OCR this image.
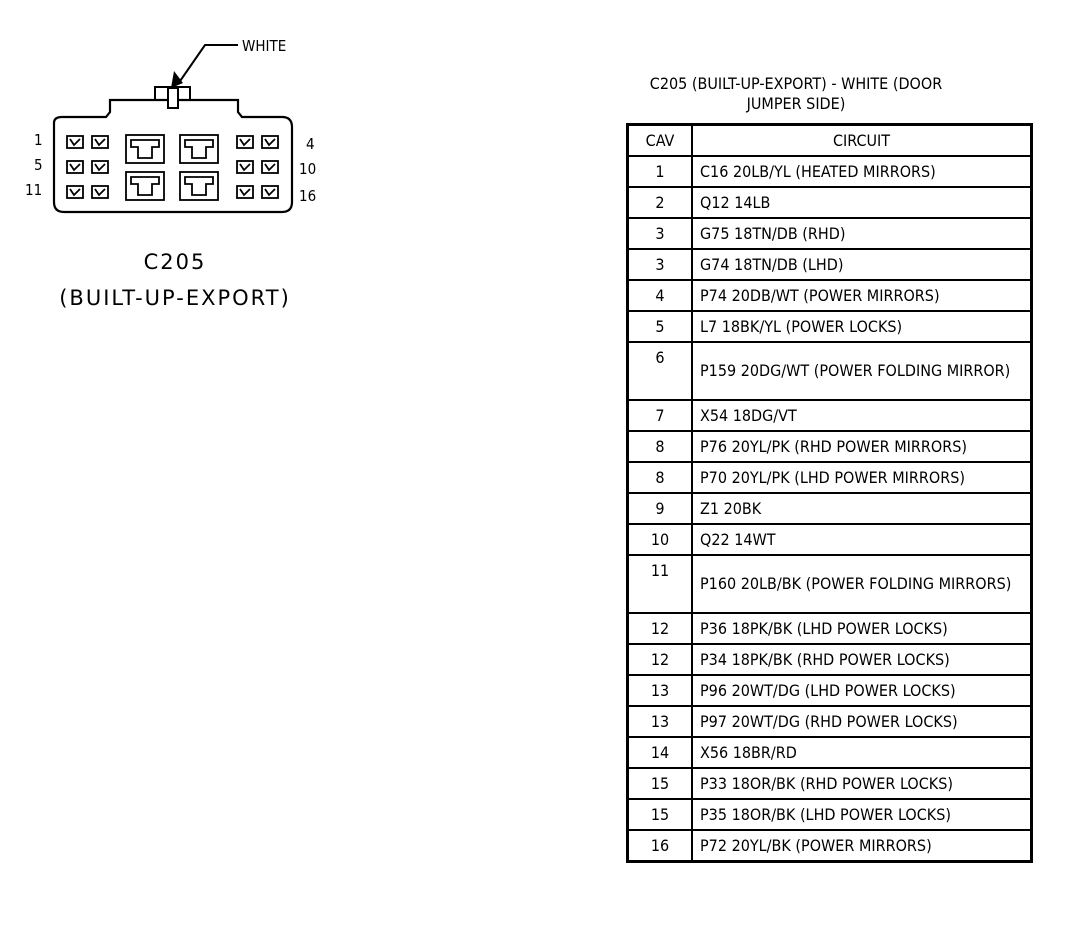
WHITE
1
5
11
4
10
16
C205
(BUILT-UP-EXPORT)
C205 (BUILT-UP-EXPORT) - WHITE (DOOR
JUMPER SIDE)
CAV	CIRCUIT
1	C16 20LB/YL (HEATED MIRRORS)
2	Q12 14LB
3	G75 18TN/DB (RHD)
3	G74 18TN/DB (LHD)
4	P74 20DB/WT (POWER MIRRORS)
5	L7 18BK/YL (POWER LOCKS)
6	P159 20DG/WT (POWER FOLDING MIRROR)
7	X54 18DG/VT
8	P76 20YL/PK (RHD POWER MIRRORS)
8	P70 20YL/PK (LHD POWER MIRRORS)
9	Z1 20BK
10	Q22 14WT
11	P160 20LB/BK (POWER FOLDING MIRRORS)
12	P36 18PK/BK (LHD POWER LOCKS)
12	P34 18PK/BK (RHD POWER LOCKS)
13	P96 20WT/DG (LHD POWER LOCKS)
13	P97 20WT/DG (RHD POWER LOCKS)
14	X56 18BR/RD
15	P33 18OR/BK (RHD POWER LOCKS)
15	P35 18OR/BK (LHD POWER LOCKS)
16	P72 20YL/BK (POWER MIRRORS)
